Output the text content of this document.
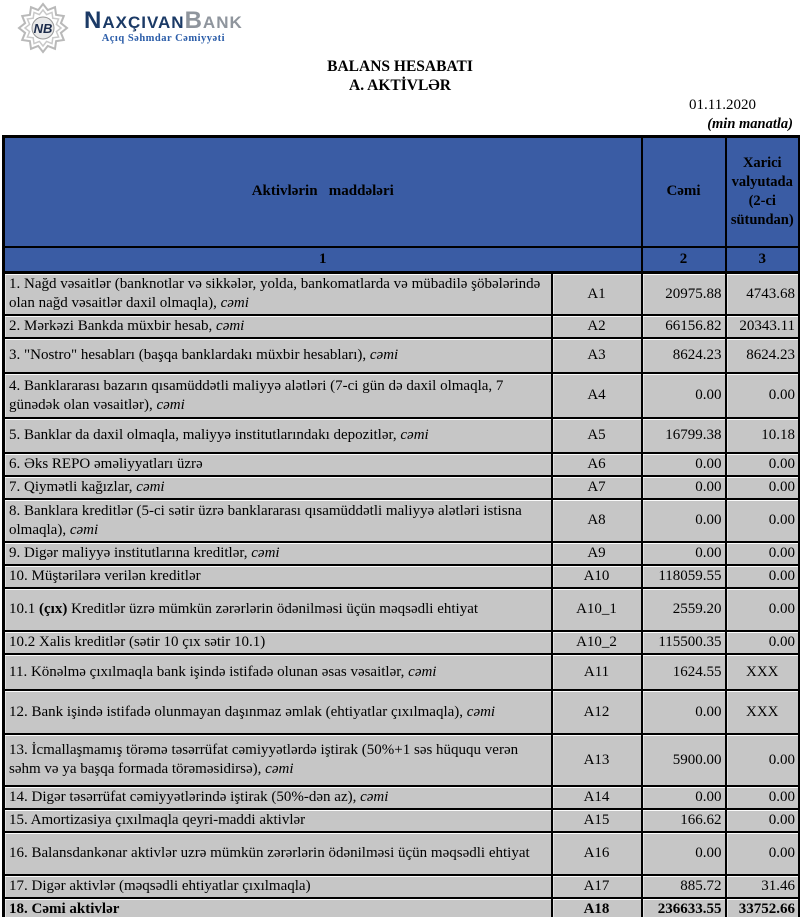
NB NaxçıvanBank
Açıq Səhmdar Cəmiyyəti
BALANS HESABATI
A. AKTİVLƏR
01.11.2020
(min manatla)
Aktivlərin   maddələri		Cəmi	Xarici valyutada (2-ci sütundan)
1		2	3
1. Nağd vəsaitlər (banknotlar və sikkələr, yolda, bankomatlarda və mübadilə şöbələrində olan nağd vəsaitlər daxil olmaqla), cəmi	A1	20975.88	4743.68
2. Mərkəzi Bankda müxbir hesab, cəmi	A2	66156.82	20343.11
3. "Nostro" hesabları (başqa banklardakı müxbir hesabları), cəmi	A3	8624.23	8624.23
4. Banklararası bazarın qısamüddətli maliyyə alətləri (7-ci gün də daxil olmaqla, 7 günədək olan vəsaitlər), cəmi	A4	0.00	0.00
5. Banklar da daxil olmaqla, maliyyə institutlarındakı depozitlər, cəmi	A5	16799.38	10.18
6. Əks REPO əməliyyatları üzrə	A6	0.00	0.00
7. Qiymətli kağızlar, cəmi	A7	0.00	0.00
8. Banklara kreditlər (5-ci sətir üzrə banklararası qısamüddətli maliyyə alətləri istisna olmaqla), cəmi	A8	0.00	0.00
9. Digər maliyyə institutlarına kreditlər, cəmi	A9	0.00	0.00
10. Müştərilərə verilən kreditlər	A10	118059.55	0.00
10.1 (çıx) Kreditlər üzrə mümkün zərərlərin ödənilməsi üçün məqsədli ehtiyat	A10_1	2559.20	0.00
10.2 Xalis kreditlər (sətir 10 çıx sətir 10.1)	A10_2	115500.35	0.00
11. Könəlmə çıxılmaqla bank işində istifadə olunan əsas vəsaitlər, cəmi	A11	1624.55	XXX
12. Bank işində istifadə olunmayan daşınmaz əmlak (ehtiyatlar çıxılmaqla), cəmi	A12	0.00	XXX
13. İcmallaşmamış törəmə təsərrüfat cəmiyyətlərdə iştirak (50%+1 səs hüququ verən səhm və ya başqa formada törəməsidirsə), cəmi	A13	5900.00	0.00
14. Digər təsərrüfat cəmiyyətlərində iştirak (50%-dən az), cəmi	A14	0.00	0.00
15. Amortizasiya çıxılmaqla qeyri-maddi aktivlər	A15	166.62	0.00
16. Balansdankənar aktivlər uzrə mümkün zərərlərin ödənilməsi üçün məqsədli ehtiyat	A16	0.00	0.00
17. Digər aktivlər (məqsədli ehtiyatlar çıxılmaqla)	A17	885.72	31.46
18. Cəmi aktivlər	A18	236633.55	33752.66
